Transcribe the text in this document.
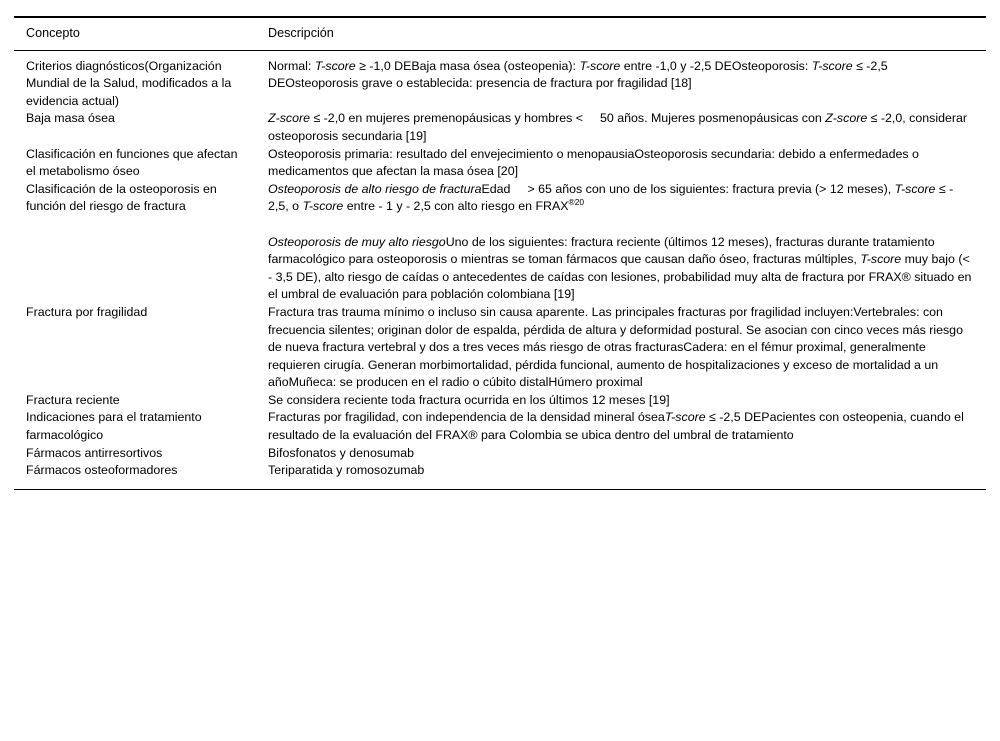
Concepto	Descripción
Criterios diagnósticos(Organización Mundial de la Salud, modificados a la evidencia actual)	Normal: T-score ≥ -1,0 DEBaja masa ósea (osteopenia): T-score entre -1,0 y -2,5 DEOsteoporosis: T-score ≤ -2,5 DEOsteoporosis grave o establecida: presencia de fractura por fragilidad [18]

Baja masa ósea	Z-score ≤ -2,0 en mujeres premenopáusicas y hombres < 50 años. Mujeres posmenopáusicas con Z-score ≤ -2,0, considerar osteoporosis secundaria [19]

Clasificación en funciones que afectan el metabolismo óseo	Osteoporosis primaria: resultado del envejecimiento o menopausiaOsteoporosis secundaria: debido a enfermedades o medicamentos que afectan la masa ósea [20]

Clasificación de la osteoporosis en función del riesgo de fractura	Osteoporosis de alto riesgo de fracturaEdad > 65 años con uno de los siguientes: fractura previa (> 12 meses), T-score ≤ - 2,5, o T-score entre - 1 y - 2,5 con alto riesgo en $FRAX^{®20}$

Osteoporosis de muy alto riesgoUno de los siguientes: fractura reciente (últimos 12 meses), fracturas durante tratamiento farmacológico para osteoporosis o mientras se toman fármacos que causan daño óseo, fracturas múltiples, T-score muy bajo (< - 3,5 DE), alto riesgo de caídas o antecedentes de caídas con lesiones, probabilidad muy alta de fractura por FRAX® situado en el umbral de evaluación para población colombiana [19]

Fractura por fragilidad	Fractura tras trauma mínimo o incluso sin causa aparente. Las principales fracturas por fragilidad incluyen:Vertebrales: con frecuencia silentes; originan dolor de espalda, pérdida de altura y deformidad postural. Se asocian con cinco veces más riesgo de nueva fractura vertebral y dos a tres veces más riesgo de otras fracturasCadera: en el fémur proximal, generalmente requieren cirugía. Generan morbimortalidad, pérdida funcional, aumento de hospitalizaciones y exceso de mortalidad a un añoMuñeca: se producen en el radio o cúbito distalHúmero proximal

Fractura reciente	Se considera reciente toda fractura ocurrida en los últimos 12 meses [19]

Indicaciones para el tratamiento farmacológico	Fracturas por fragilidad, con independencia de la densidad mineral óseaT-score ≤ -2,5 DEPacientes con osteopenia, cuando el resultado de la evaluación del FRAX® para Colombia se ubica dentro del umbral de tratamiento

Fármacos antirresortivos	Bifosfonatos y denosumab

Fármacos osteoformadores	Teriparatida y romosozumab
